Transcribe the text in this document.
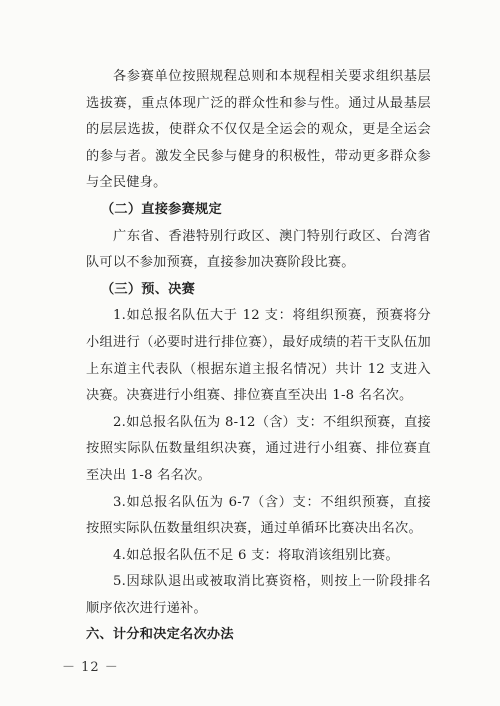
各参赛单位按照规程总则和本规程相关要求组织基层选拔赛，重点体现广泛的群众性和参与性。通过从最基层的层层选拔，使群众不仅仅是全运会的观众，更是全运会的参与者。激发全民参与健身的积极性，带动更多群众参与全民健身。

（二）直接参赛规定

广东省、香港特别行政区、澳门特别行政区、台湾省队可以不参加预赛，直接参加决赛阶段比赛。

（三）预、决赛

1.如总报名队伍大于 12 支：将组织预赛，预赛将分小组进行（必要时进行排位赛），最好成绩的若干支队伍加上东道主代表队（根据东道主报名情况）共计 12 支进入决赛。决赛进行小组赛、排位赛直至决出 1-8 名名次。

2.如总报名队伍为 8-12（含）支：不组织预赛，直接按照实际队伍数量组织决赛，通过进行小组赛、排位赛直至决出 1-8 名名次。

3.如总报名队伍为 6-7（含）支：不组织预赛，直接按照实际队伍数量组织决赛，通过单循环比赛决出名次。

4.如总报名队伍不足 6 支：将取消该组别比赛。

5.因球队退出或被取消比赛资格，则按上一阶段排名顺序依次进行递补。

六、计分和决定名次办法

－ 12 －
